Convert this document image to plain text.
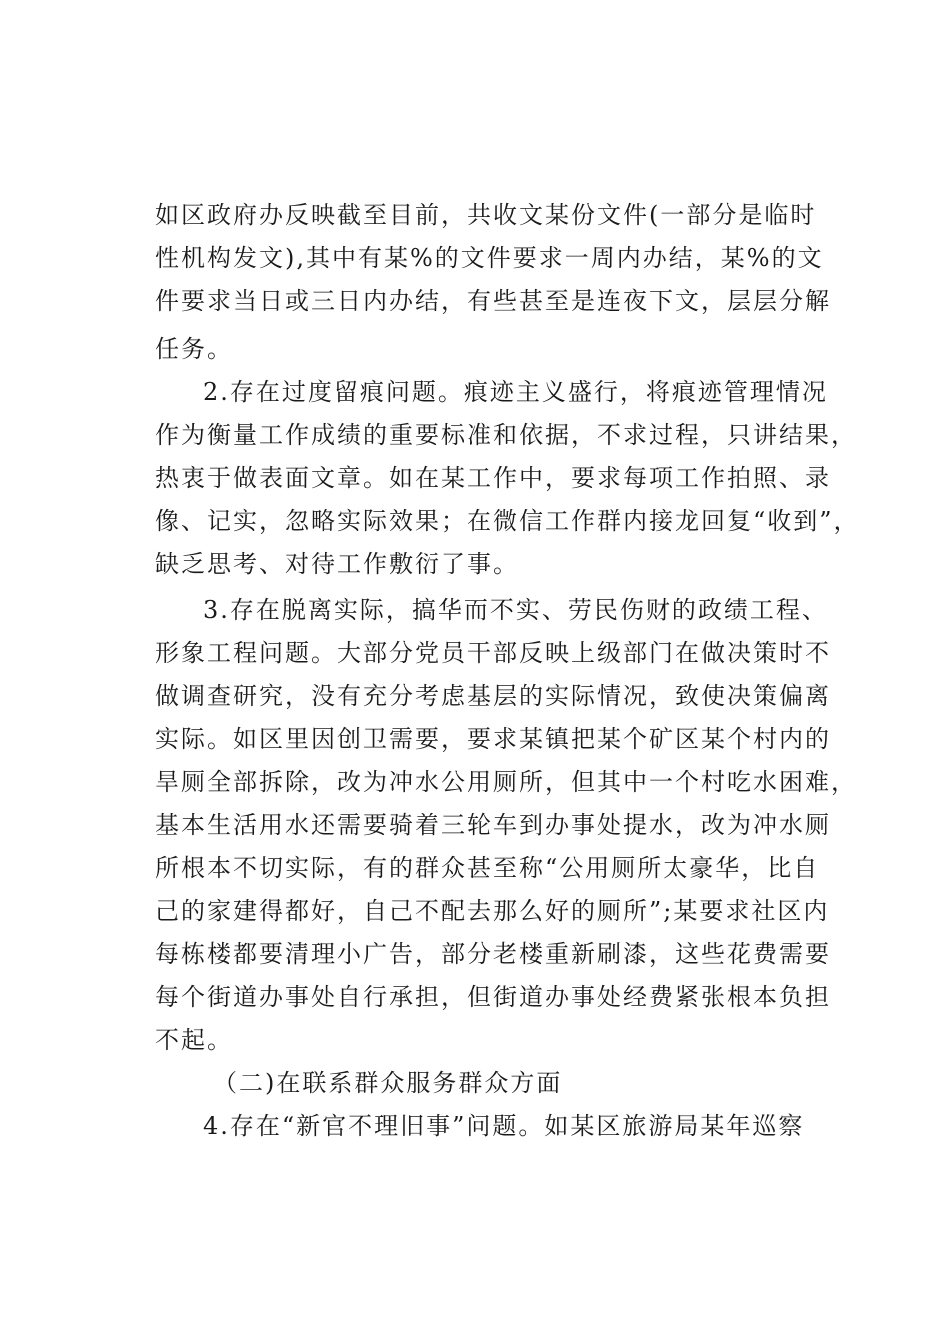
如区政府办反映截至目前，共收文某份文件(一部分是临时
性机构发文),其中有某%的文件要求一周内办结，某%的文
件要求当日或三日内办结，有些甚至是连夜下文，层层分解
任务。
2.存在过度留痕问题。痕迹主义盛行，将痕迹管理情况
作为衡量工作成绩的重要标准和依据，不求过程，只讲结果，
热衷于做表面文章。如在某工作中，要求每项工作拍照、录
像、记实，忽略实际效果；在微信工作群内接龙回复“收到”，
缺乏思考、对待工作敷衍了事。
3.存在脱离实际，搞华而不实、劳民伤财的政绩工程、
形象工程问题。大部分党员干部反映上级部门在做决策时不
做调查研究，没有充分考虑基层的实际情况，致使决策偏离
实际。如区里因创卫需要，要求某镇把某个矿区某个村内的
旱厕全部拆除，改为冲水公用厕所，但其中一个村吃水困难，
基本生活用水还需要骑着三轮车到办事处提水，改为冲水厕
所根本不切实际，有的群众甚至称“公用厕所太豪华，比自
己的家建得都好，自己不配去那么好的厕所”;某要求社区内
每栋楼都要清理小广告，部分老楼重新刷漆，这些花费需要
每个街道办事处自行承担，但街道办事处经费紧张根本负担
不起。
（二)在联系群众服务群众方面
4.存在“新官不理旧事”问题。如某区旅游局某年巡察
